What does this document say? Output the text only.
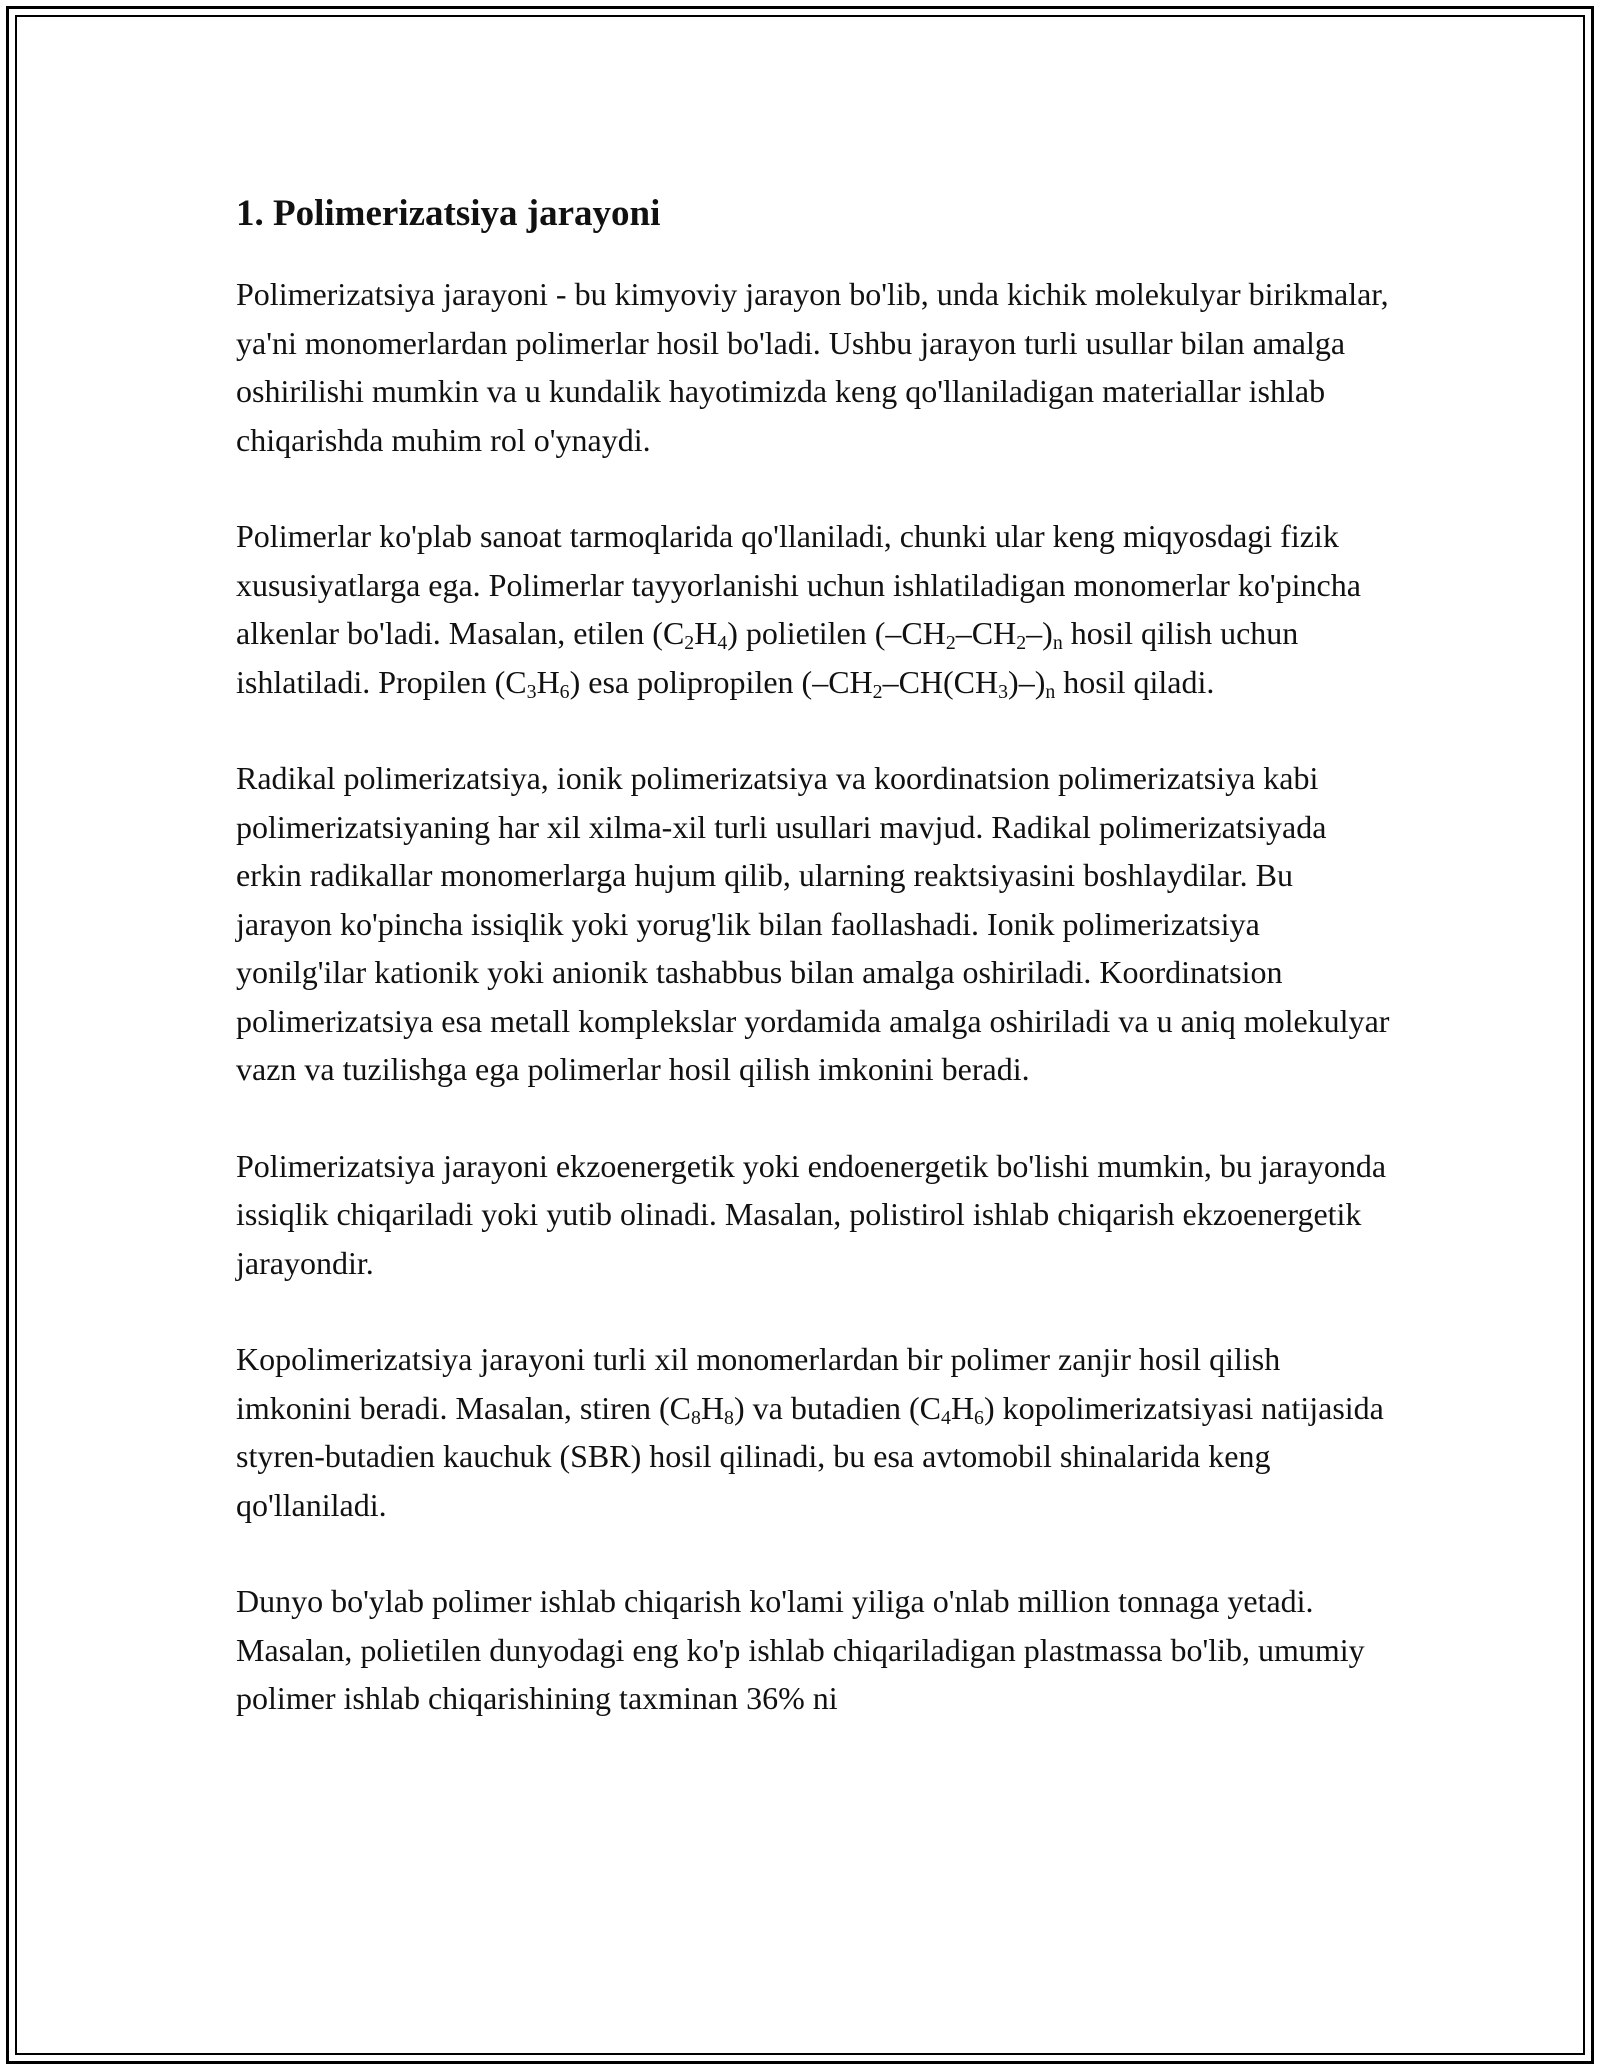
1. Polimerizatsiya jarayoni

Polimerizatsiya jarayoni - bu kimyoviy jarayon bo'lib, unda kichik molekulyar birikmalar, ya'ni monomerlardan polimerlar hosil bo'ladi. Ushbu jarayon turli usullar bilan amalga oshirilishi mumkin va u kundalik hayotimizda keng qo'llaniladigan materiallar ishlab chiqarishda muhim rol o'ynaydi.

Polimerlar ko'plab sanoat tarmoqlarida qo'llaniladi, chunki ular keng miqyosdagi fizik xususiyatlarga ega. Polimerlar tayyorlanishi uchun ishlatiladigan monomerlar ko'pincha alkenlar bo'ladi. Masalan, etilen $(C_2H_4)$ polietilen $(-CH_2-CH_2-)_n$ hosil qilish uchun ishlatiladi. Propilen $(C_3H_6)$ esa polipropilen $(-CH_2-CH(CH_3)-)_n$ hosil qiladi.

Radikal polimerizatsiya, ionik polimerizatsiya va koordinatsion polimerizatsiya kabi polimerizatsiyaning har xil xilma-xil turli usullari mavjud. Radikal polimerizatsiyada erkin radikallar monomerlarga hujum qilib, ularning reaktsiyasini boshlaydilar. Bu jarayon ko'pincha issiqlik yoki yorug'lik bilan faollashadi. Ionik polimerizatsiya yonilg'ilar kationik yoki anionik tashabbus bilan amalga oshiriladi. Koordinatsion polimerizatsiya esa metall komplekslar yordamida amalga oshiriladi va u aniq molekulyar vazn va tuzilishga ega polimerlar hosil qilish imkonini beradi.

Polimerizatsiya jarayoni ekzoenergetik yoki endoenergetik bo'lishi mumkin, bu jarayonda issiqlik chiqariladi yoki yutib olinadi. Masalan, polistirol ishlab chiqarish ekzoenergetik jarayondir.

Kopolimerizatsiya jarayoni turli xil monomerlardan bir polimer zanjir hosil qilish imkonini beradi. Masalan, stiren $(C_8H_8)$ va butadien $(C_4H_6)$ kopolimerizatsiyasi natijasida styren-butadien kauchuk (SBR) hosil qilinadi, bu esa avtomobil shinalarida keng qo'llaniladi.

Dunyo bo'ylab polimer ishlab chiqarish ko'lami yiliga o'nlab million tonnaga yetadi. Masalan, polietilen dunyodagi eng ko'p ishlab chiqariladigan plastmassa bo'lib, umumiy polimer ishlab chiqarishining taxminan 36% ni
